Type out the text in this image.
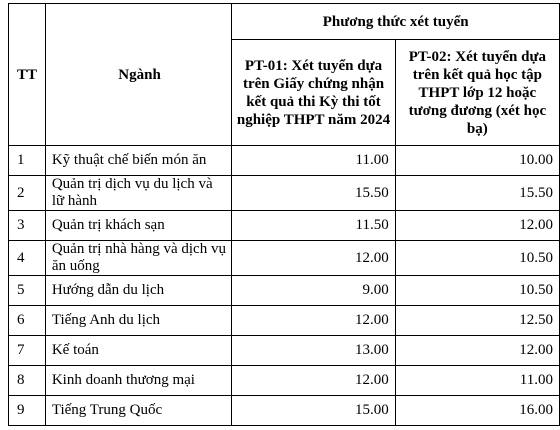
TT	Ngành	Phương thức xét tuyển	
		PT-01: Xét tuyển dựa trên Giấy chứng nhận kết quả thi Kỳ thi tốt nghiệp THPT năm 2024	PT-02: Xét tuyển dựa trên kết quả học tập THPT lớp 12 hoặc tương đương (xét học bạ)
1	Kỹ thuật chế biến món ăn	11.00	10.00
2	Quản trị dịch vụ du lịch và lữ hành	15.50	15.50
3	Quản trị khách sạn	11.50	12.00
4	Quản trị nhà hàng và dịch vụ ăn uống	12.00	10.50
5	Hướng dẫn du lịch	9.00	10.50
6	Tiếng Anh du lịch	12.00	12.50
7	Kế toán	13.00	12.00
8	Kinh doanh thương mại	12.00	11.00
9	Tiếng Trung Quốc	15.00	16.00
